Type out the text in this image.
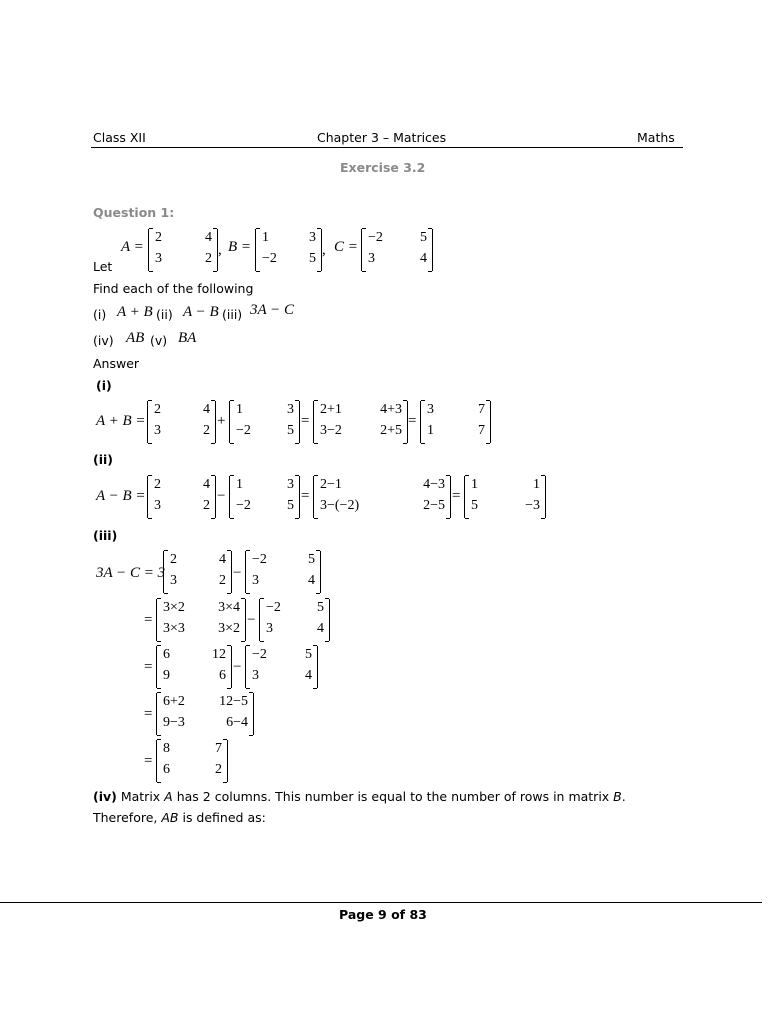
Class XII	Chapter 3 – Matrices	Maths
Exercise 3.2
Question 1:
Let
A =
2	4
3	2
, B =
1	3
−2 5
, C =
−2	5
3	4
Find each of the following
(i) A + B (ii) A − B (iii) 3A − C
(iv) AB (v) BA
Answer
(i)
A + B =
2	4
3	2
+
1	3
−2	5
=
2+1	4+3
3−2	2+5
=
3	7
1	7
(ii)
A − B =
2	4
3	2
−
1	3
−2	5
=
2−1	4−3
3−(−2)	2−5
=
1	1
5	−3
(iii)
3A − C = 3
2	4
3	2 −
−2	5
3	4
=
3×2 3×4
3×3 3×2
−
−2	5
3	4
=
6	12
9	6
−
−2	5
3	4
=
6+2 12−5
9−3	6−4
=
8	7
6	2
(iv) Matrix A has 2 columns. This number is equal to the number of rows in matrix B.
Therefore, AB is defined as:
Page 9 of 83
